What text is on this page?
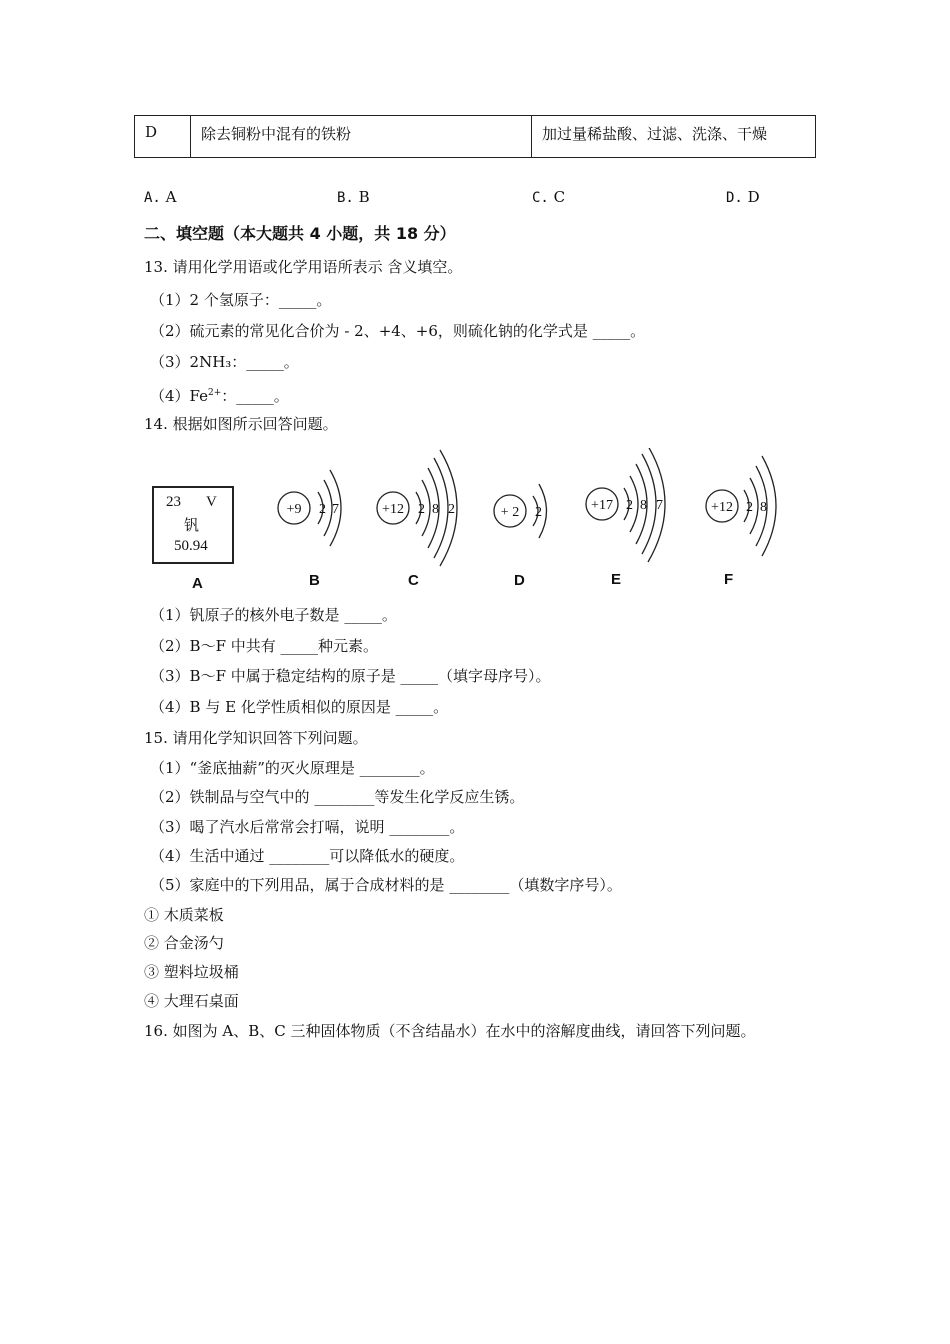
D	除去铜粉中混有的铁粉	加过量稀盐酸、过滤、洗涤、干燥
A. A	B. B	C. C	D. D
二、填空题（本大题共 4 小题，共 18 分）
13. 请用化学用语或化学用语所表示 含义填空。
（1）2 个氢原子：_____。
（2）硫元素的常见化合价为 - 2、+4、+6，则硫化钠的化学式是 _____。
（3）2NH₃：_____。
$(4)Fe^{2+}$：_____。
14. 根据如图所示回答问题。
23 V
钒
50.94
+9 2 7	+12 2 8 2	+ 2 2	+17 2 8 7	+12 2 8
A	B	C	D	E	F
（1）钒原子的核外电子数是 _____。
（2）B～F 中共有 _____种元素。
（3）B～F 中属于稳定结构的原子是 _____（填字母序号）。
（4）B 与 E 化学性质相似的原因是 _____。
15. 请用化学知识回答下列问题。
（1）“釜底抽薪”的灭火原理是 ________。
（2）铁制品与空气中的 ________等发生化学反应生锈。
（3）喝了汽水后常常会打嗝，说明 ________。
（4）生活中通过 ________可以降低水的硬度。
（5）家庭中的下列用品，属于合成材料的是 ________（填数字序号）。
① 木质菜板
② 合金汤勺
③ 塑料垃圾桶
④ 大理石桌面
16. 如图为 A、B、C 三种固体物质（不含结晶水）在水中的溶解度曲线，请回答下列问题。
